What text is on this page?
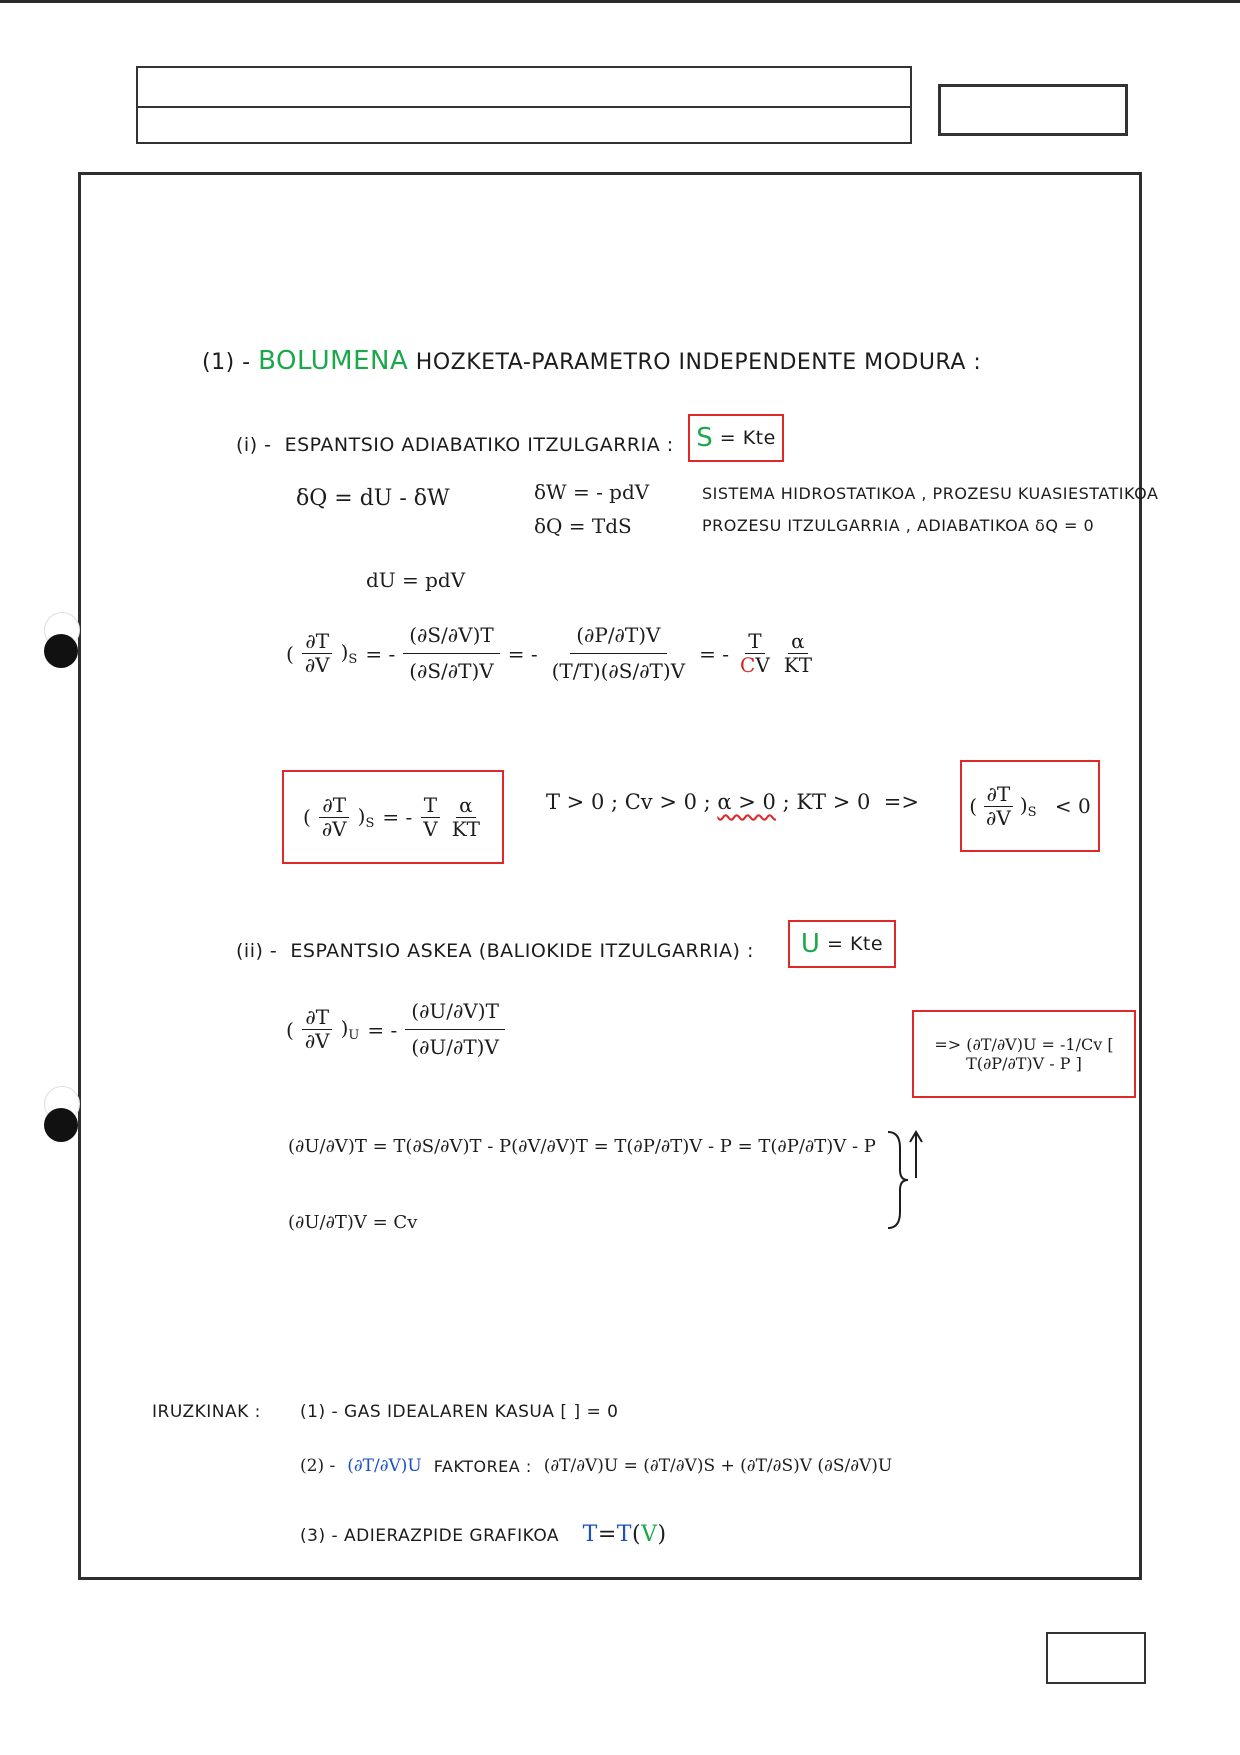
(1) - BOLUMENA HOZKETA-PARAMETRO INDEPENDENTE MODURA :
(i) - ESPANTSIO ADIABATIKO ITZULGARRIA : S
= Kte
δQ = dU - δW	δW = - pdV
δQ = TdS
SISTEMA HIDROSTATIKOA , PROZESU KUASIESTATIKOA
PROZESU ITZULGARRIA , ADIABATIKOA δQ = 0
dU = pdV
( $\frac{\partial T}{\partial V} )_S$ = - $\frac{(\partial S/\partial V)T}{(\partial S/\partial T)V}$ = - $\frac{(\partial P/\partial T)V}{(T/T)(\partial S/\partial T)V}$ = - $\frac{T}{CV} \frac{\alpha}{KT}$
( $\frac{\partial T}{\partial V} )_S$ = - $\frac{T}{V} \frac{\alpha}{KT}$	T > 0 ; Cv > 0 ; α > 0 ; KT > 0 =>	( $\frac{\partial T}{\partial V} )_S$
< 0
(ii) - ESPANTSIO ASKEA (BALIOKIDE ITZULGARRIA) : U
= Kte
( $\frac{\partial T}{\partial V} )_U$ = - $\frac{(\partial U/\partial V)T}{(\partial U/\partial T)V}$	=> (∂T/∂V)U = -1/Cv [ T(∂P/∂T)V - P ]
(∂U/∂V)T = T(∂S/∂V)T - P(∂V/∂V)T = T(∂P/∂T)V - P = T(∂P/∂T)V - P
(∂U/∂T)V = Cv
IRUZKINAK : (1) - GAS IDEALAREN KASUA [ ] = 0
(2) - (∂T/∂V)U FAKTOREA : (∂T/∂V)U = (∂T/∂V)S + (∂T/∂S)V (∂S/∂V)U
(3) - ADIERAZPIDE GRAFIKOA T=T(V)
